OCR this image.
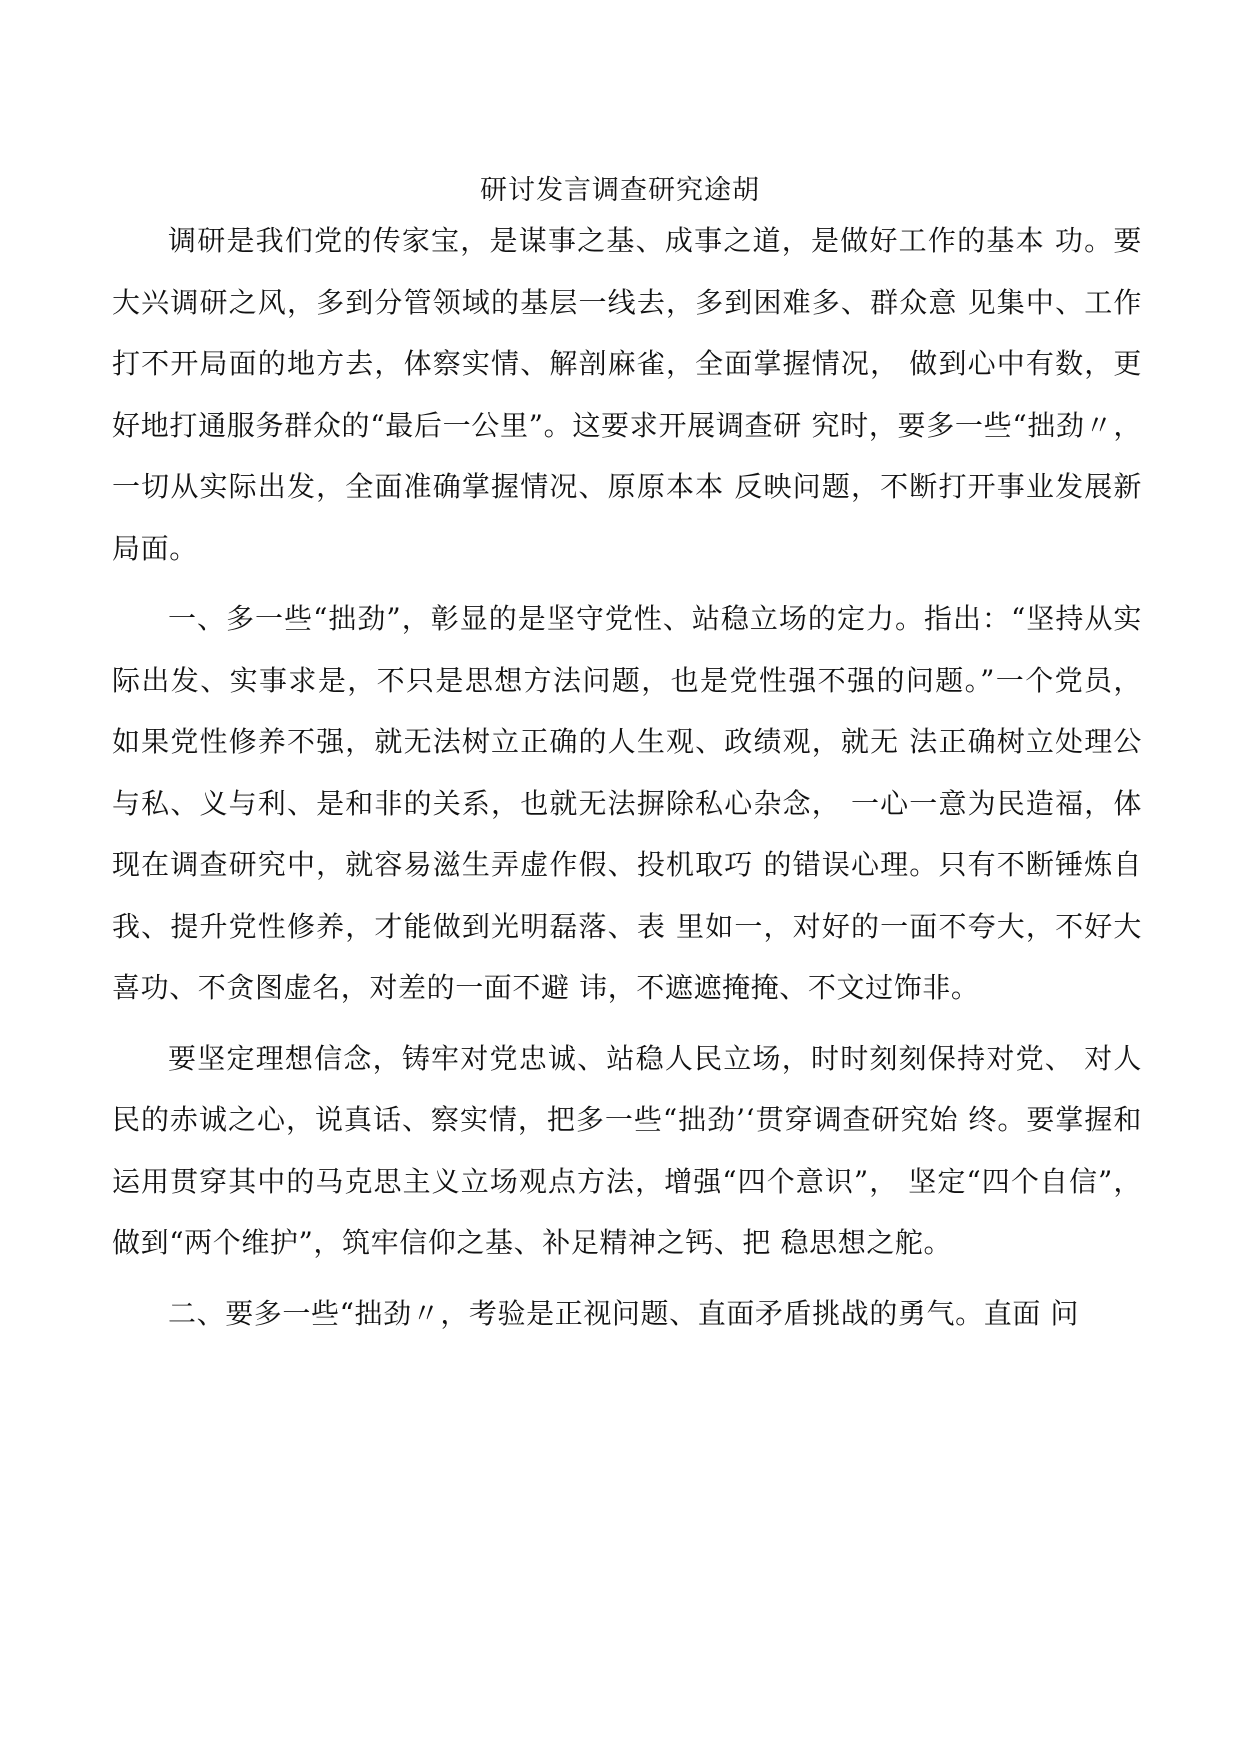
研讨发言调查研究途胡

调研是我们党的传家宝，是谋事之基、成事之道，是做好工作的基本 功。要大兴调研之风，多到分管领域的基层一线去，多到困难多、群众意 见集中、工作打不开局面的地方去，体察实情、解剖麻雀，全面掌握情况， 做到心中有数，更好地打通服务群众的“最后一公里”。这要求开展调查研 究时，要多一些“拙劲〃，一切从实际出发，全面准确掌握情况、原原本本 反映问题，不断打开事业发展新局面。

一、多一些“拙劲”，彰显的是坚守党性、站稳立场的定力。指出：“坚持从实际出发、实事求是，不只是思想方法问题，也是党性强不强的问题。”一个党员，如果党性修养不强，就无法树立正确的人生观、政绩观，就无 法正确树立处理公与私、义与利、是和非的关系，也就无法摒除私心杂念， 一心一意为民造福，体现在调查研究中，就容易滋生弄虚作假、投机取巧 的错误心理。只有不断锤炼自我、提升党性修养，才能做到光明磊落、表 里如一，对好的一面不夸大，不好大喜功、不贪图虚名，对差的一面不避 讳，不遮遮掩掩、不文过饰非。

要坚定理想信念，铸牢对党忠诚、站稳人民立场，时时刻刻保持对党、 对人民的赤诚之心，说真话、察实情，把多一些“拙劲’‘贯穿调查研究始 终。要掌握和运用贯穿其中的马克思主义立场观点方法，增强“四个意识”， 坚定“四个自信”，做到“两个维护”，筑牢信仰之基、补足精神之钙、把 稳思想之舵。

二、要多一些“拙劲〃，考验是正视问题、直面矛盾挑战的勇气。直面 问
